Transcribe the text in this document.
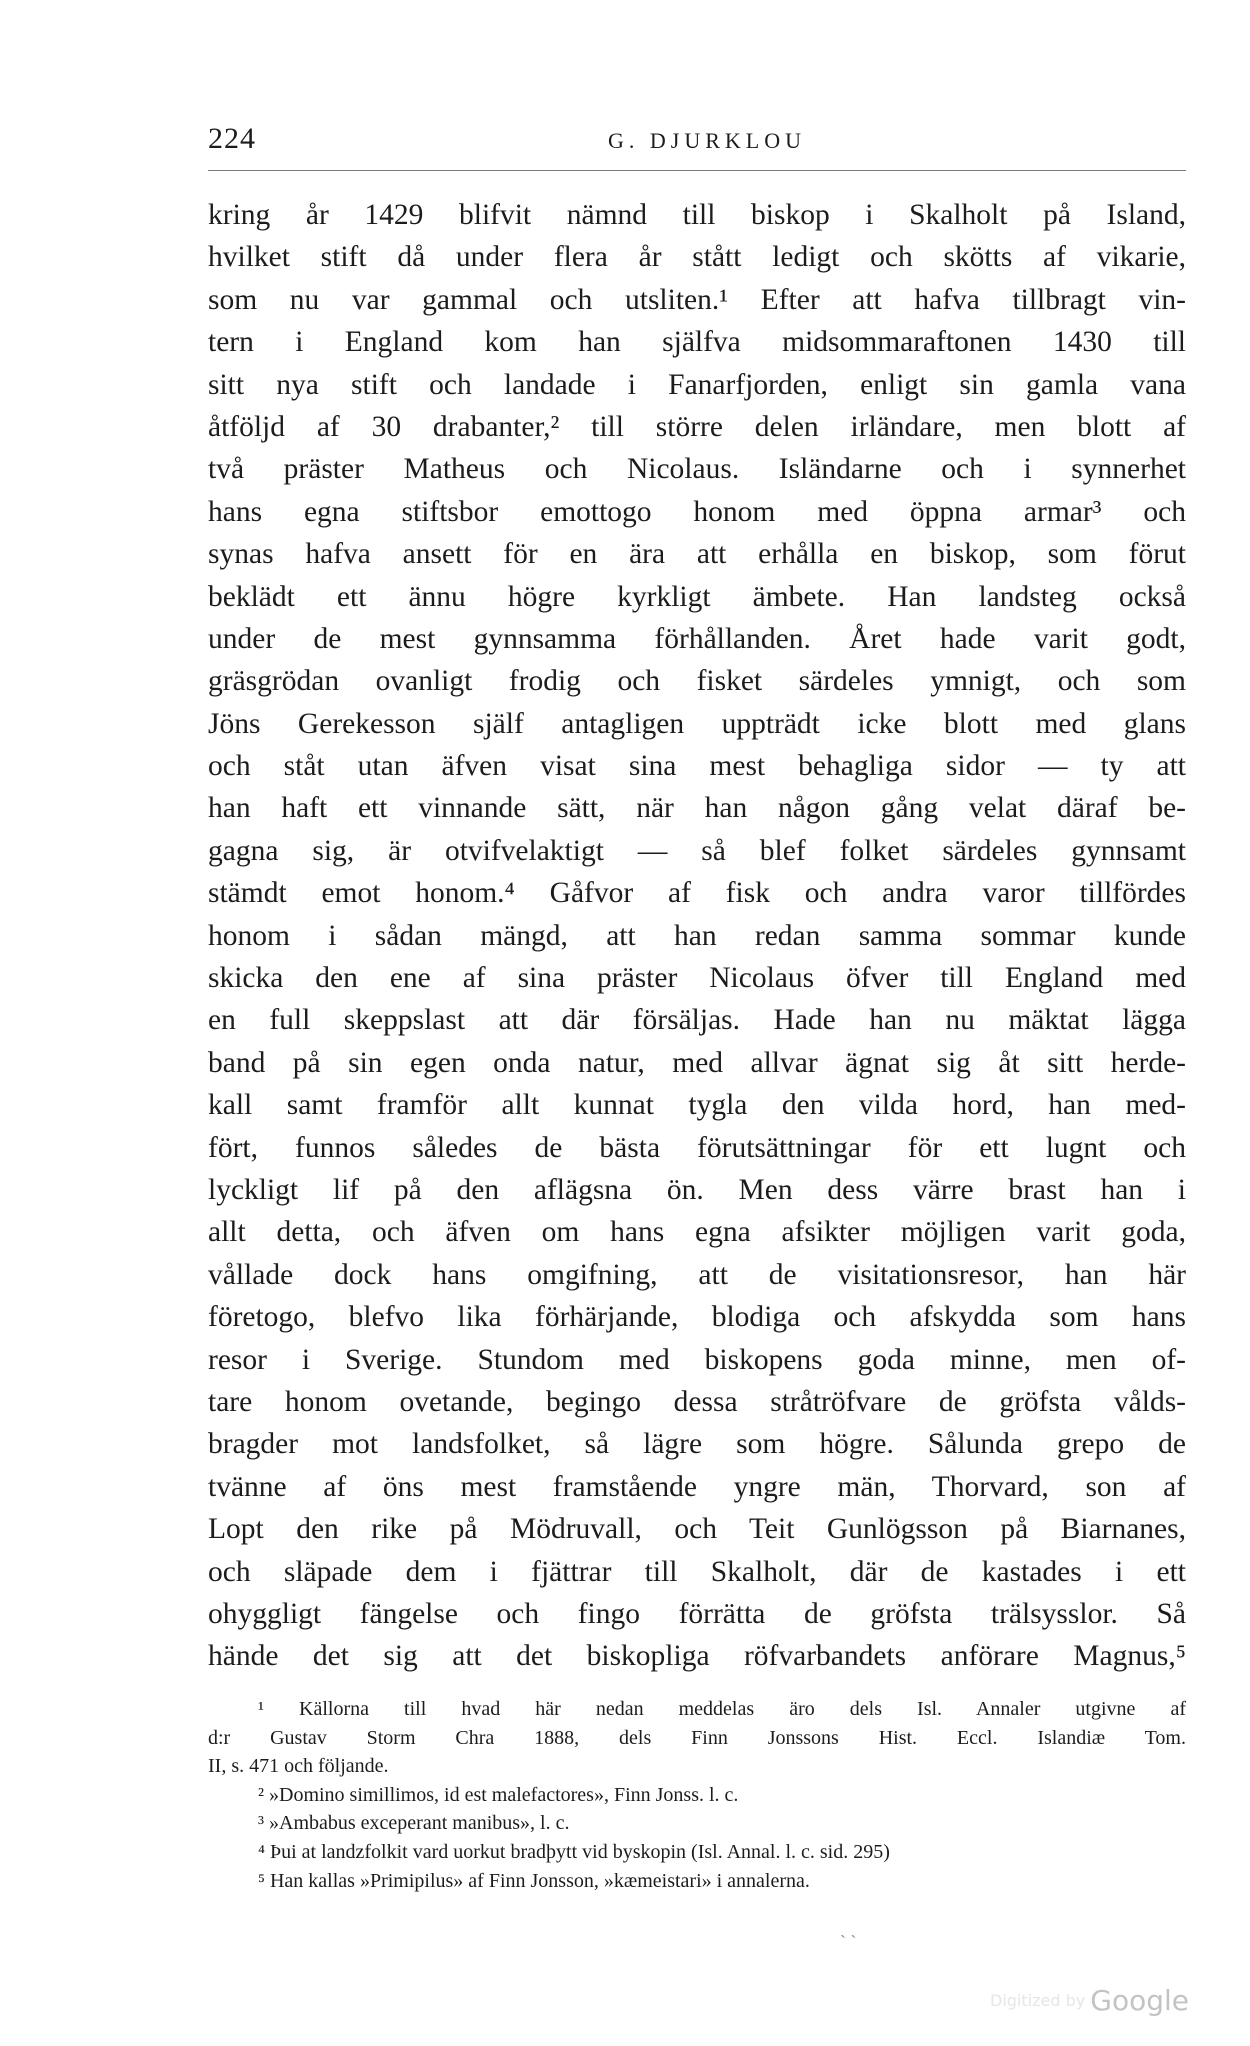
224	G. DJURKLOU
kring år 1429 blifvit nämnd till biskop i Skalholt på Island,
hvilket stift då under flera år stått ledigt och skötts af vikarie,
som nu var gammal och utsliten.¹ Efter att hafva tillbragt vin-
tern i England kom han själfva midsommaraftonen 1430 till
sitt nya stift och landade i Fanarfjorden, enligt sin gamla vana
åtföljd af 30 drabanter,² till större delen irländare, men blott af
två präster Matheus och Nicolaus. Isländarne och i synnerhet
hans egna stiftsbor emottogo honom med öppna armar³ och
synas hafva ansett för en ära att erhålla en biskop, som förut
beklädt ett ännu högre kyrkligt ämbete. Han landsteg också
under de mest gynnsamma förhållanden. Året hade varit godt,
gräsgrödan ovanligt frodig och fisket särdeles ymnigt, och som
Jöns Gerekesson själf antagligen uppträdt icke blott med glans
och ståt utan äfven visat sina mest behagliga sidor — ty att
han haft ett vinnande sätt, när han någon gång velat däraf be-
gagna sig, är otvifvelaktigt — så blef folket särdeles gynnsamt
stämdt emot honom.⁴ Gåfvor af fisk och andra varor tillfördes
honom i sådan mängd, att han redan samma sommar kunde
skicka den ene af sina präster Nicolaus öfver till England med
en full skeppslast att där försäljas. Hade han nu mäktat lägga
band på sin egen onda natur, med allvar ägnat sig åt sitt herde-
kall samt framför allt kunnat tygla den vilda hord, han med-
fört, funnos således de bästa förutsättningar för ett lugnt och
lyckligt lif på den aflägsna ön. Men dess värre brast han i
allt detta, och äfven om hans egna afsikter möjligen varit goda,
vållade dock hans omgifning, att de visitationsresor, han här
företogo, blefvo lika förhärjande, blodiga och afskydda som hans
resor i Sverige. Stundom med biskopens goda minne, men of-
tare honom ovetande, begingo dessa stråtröfvare de gröfsta vålds-
bragder mot landsfolket, så lägre som högre. Sålunda grepo de
tvänne af öns mest framstående yngre män, Thorvard, son af
Lopt den rike på Mödruvall, och Teit Gunlögsson på Biarnanes,
och släpade dem i fjättrar till Skalholt, där de kastades i ett
ohyggligt fängelse och fingo förrätta de gröfsta trälsysslor. Så
hände det sig att det biskopliga röfvarbandets anförare Magnus,⁵
¹ Källorna till hvad här nedan meddelas äro dels Isl. Annaler utgivne af
d:r Gustav Storm Chra 1888, dels Finn Jonssons Hist. Eccl. Islandiæ Tom.
II, s. 471 och följande.
² »Domino simillimos, id est malefactores», Finn Jonss. l. c.
³ »Ambabus exceperant manibus», l. c.
⁴ Þui at landzfolkit vard uorkut bradþytt vid byskopin (Isl. Annal. l. c. sid. 295)
⁵ Han kallas »Primipilus» af Finn Jonsson, »kæmeistari» i annalerna.
ˎ ˏ
Digitized by Google
